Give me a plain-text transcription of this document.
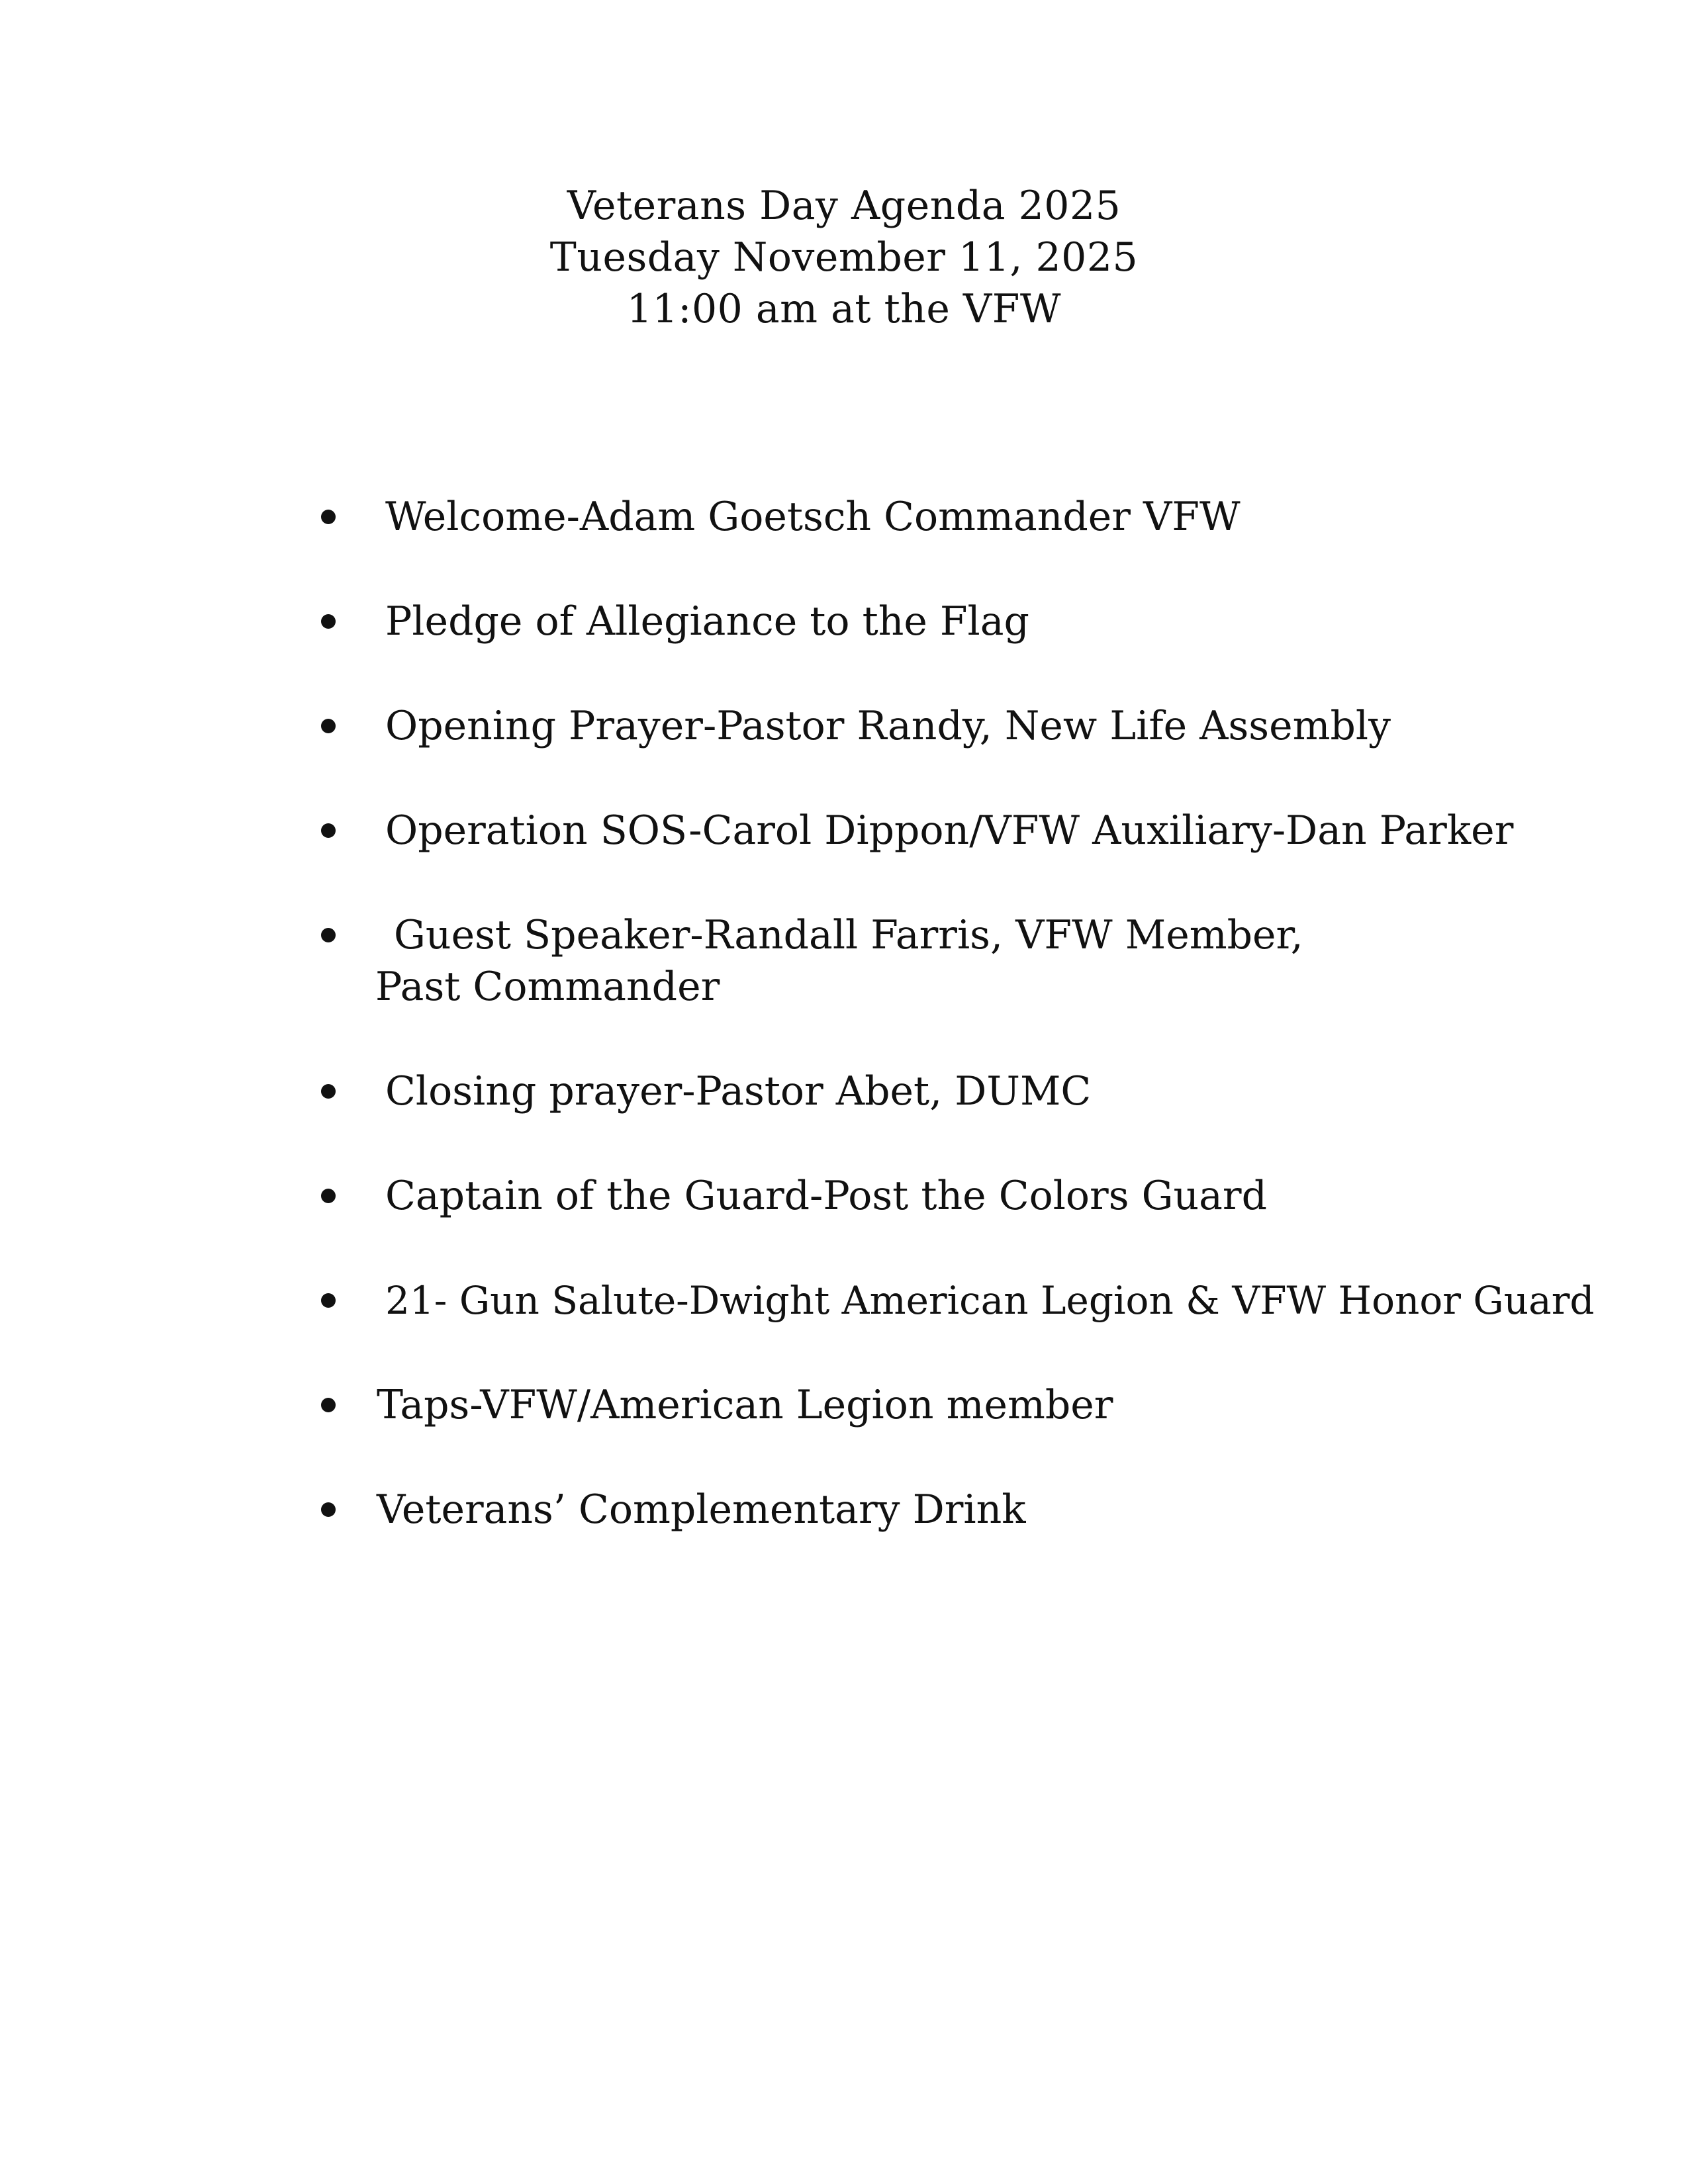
Veterans Day Agenda 2025
Tuesday November 11, 2025
11:00 am at the VFW
Welcome-Adam Goetsch Commander VFW
Pledge of Allegiance to the Flag
Opening Prayer-Pastor Randy, New Life Assembly
Operation SOS-Carol Dippon/VFW Auxiliary-Dan Parker
Guest Speaker-Randall Farris, VFW Member, Past Commander
Closing prayer-Pastor Abet, DUMC
Captain of the Guard-Post the Colors Guard
21- Gun Salute-Dwight American Legion & VFW Honor Guard
Taps-VFW/American Legion member
Veterans’ Complementary Drink
